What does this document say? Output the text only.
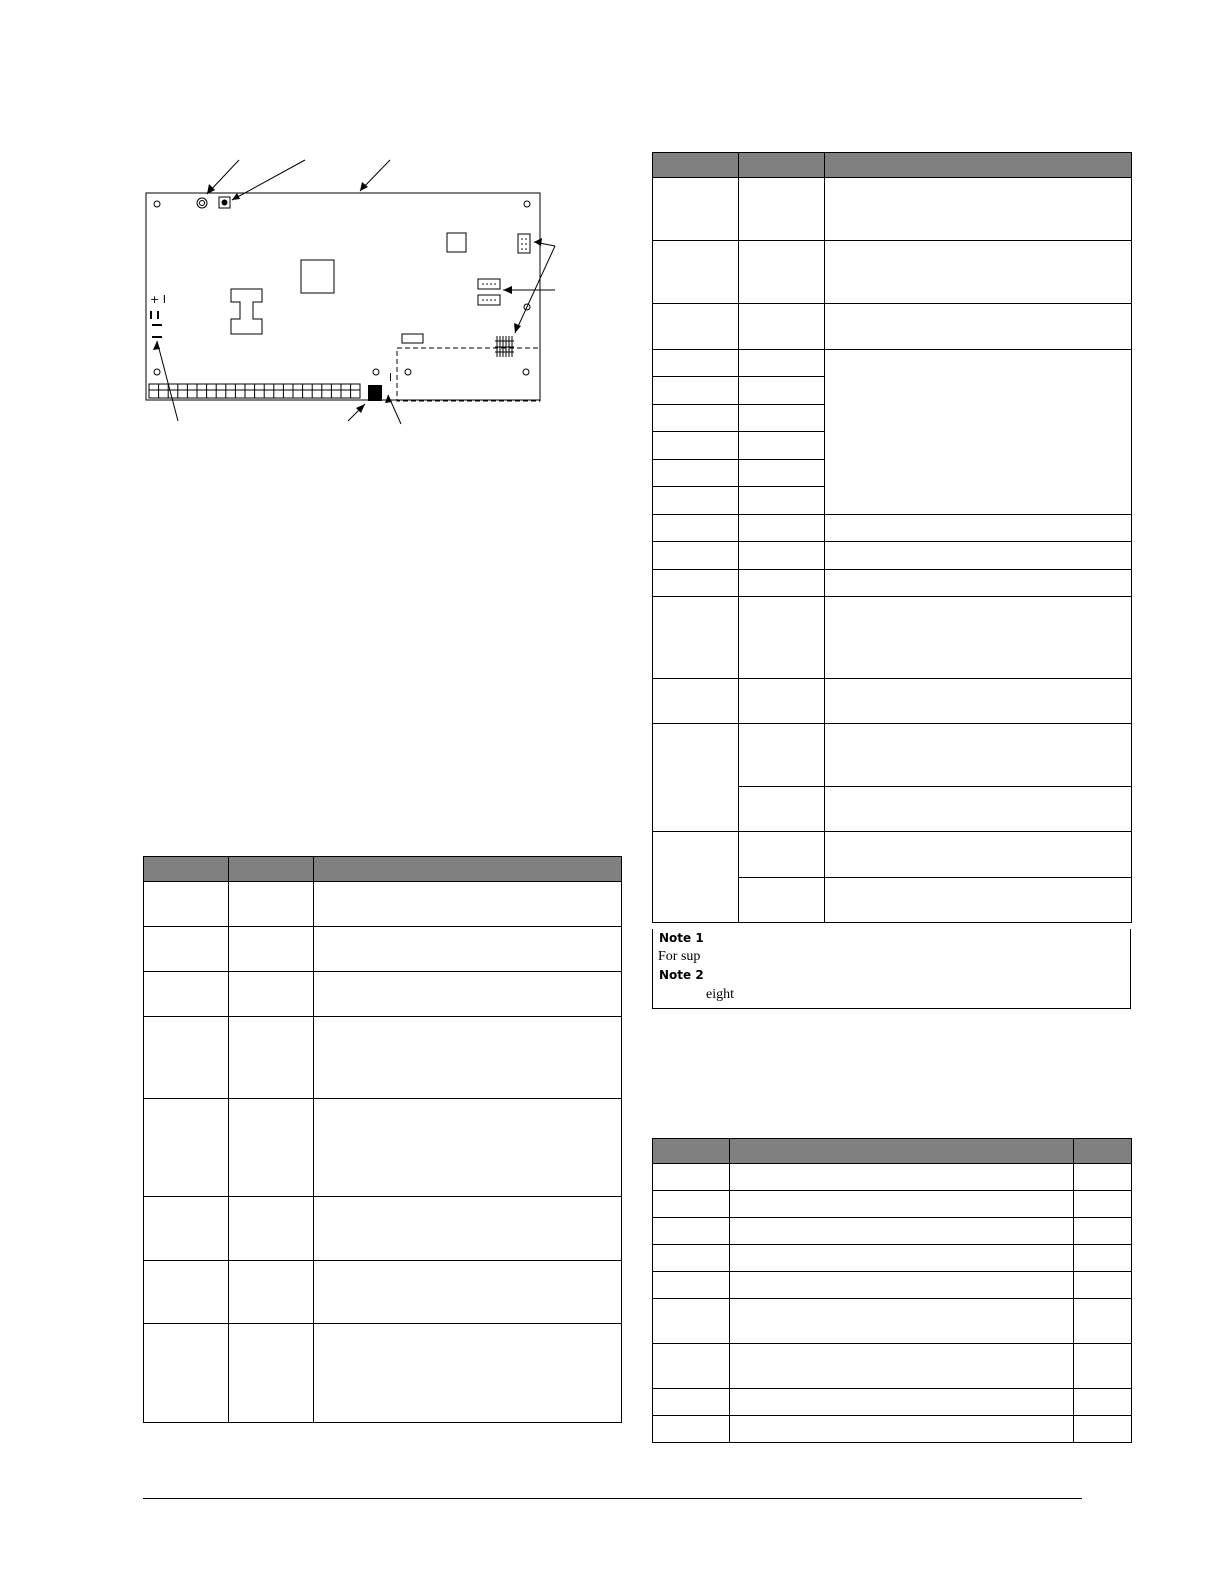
+ I

Note 1
For sup
Note 2
eight
